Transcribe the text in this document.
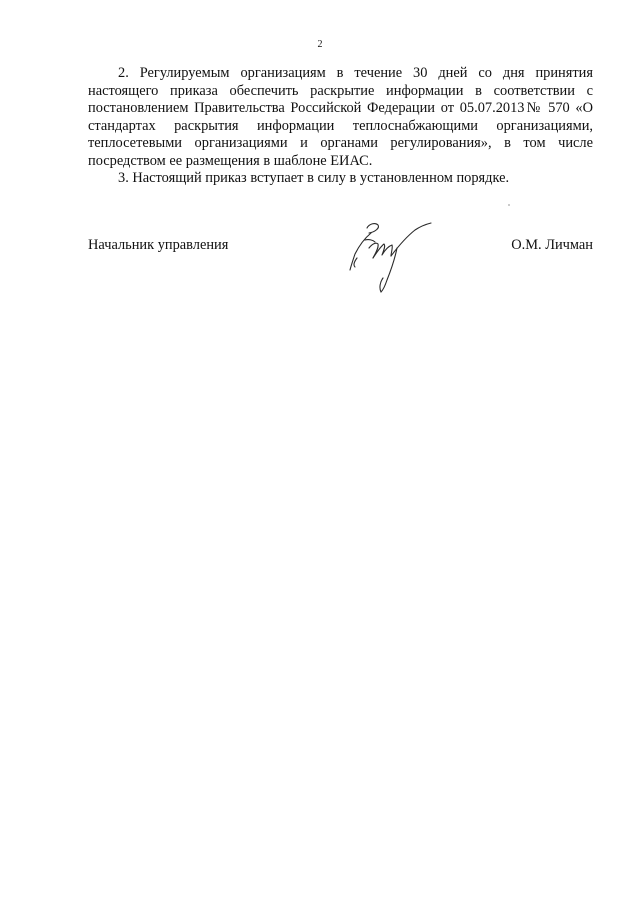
2

2. Регулируемым организациям в течение 30 дней со дня принятия настоящего приказа обеспечить раскрытие информации в соответствии с постановлением Правительства Российской Федерации от 05.07.2013№ 570 «О стандартах раскрытия информации теплоснабжающими организациями, теплосетевыми организациями и органами регулирования», в том числе посредством ее размещения в шаблоне ЕИАС.

3. Настоящий приказ вступает в силу в установленном порядке.

Начальник управления	О.М. Личман
